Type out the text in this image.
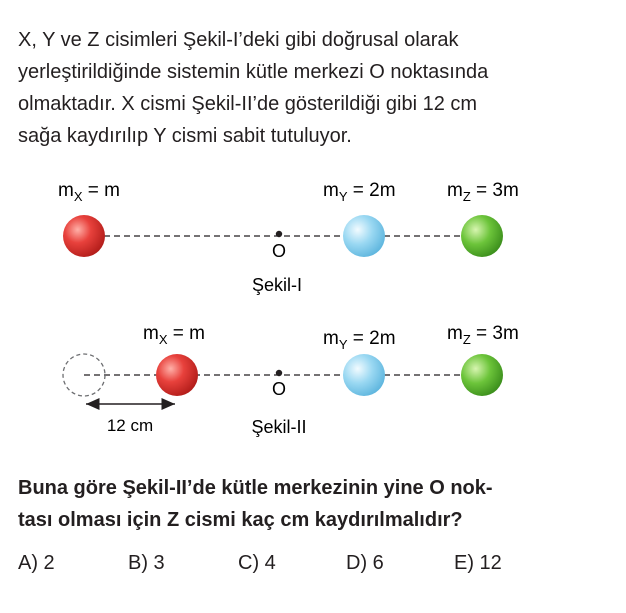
X, Y ve Z cisimleri Şekil-I’deki gibi doğrusal olarak
yerleştirildiğinde sistemin kütle merkezi O noktasında
olmaktadır. X cismi Şekil-II’de gösterildiği gibi 12 cm
sağa kaydırılıp Y cismi sabit tutuluyor.
$m_X = m$	$m_Y = 2m$	$m_Z = 3m$
O
Şekil-I
$m_X = m$	$m_Y = 2m$	$m_Z = 3m$
O
12 cm	Şekil-II
Buna göre Şekil-II’de kütle merkezinin yine O nok-
tası olması için Z cismi kaç cm kaydırılmalıdır?
A) 2	B) 3	C) 4	D) 6	E) 12
